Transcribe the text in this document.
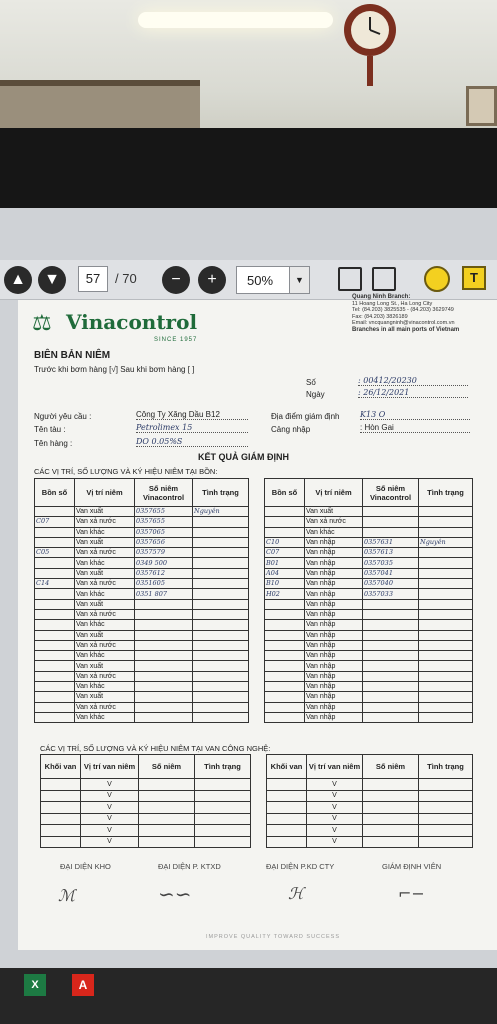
▲	▼	57	/ 70	−	+	50%	▼	T
⚖ Vinacontrol
SINCE 1957
Quang Ninh Branch:
11 Hoang Long St., Ha Long City
Tel: (84.203) 3825535 - (84.203) 3629749
Fax: (84.203) 3826189
Email: vncquangninh@vinacontrol.com.vn
Branches in all main ports of Vietnam
BIÊN BẢN NIÊM
Trước khi bơm hàng [√] Sau khi bơm hàng [ ]
Số	: 00412/20230
Ngày	: 26/12/2021
Người yêu cầu :	Công Ty Xăng Dầu B12	Địa điểm giám định	K13 O
Tên tàu :	Petrolimex 15	Cảng nhập	: Hòn Gai
Tên hàng :	DO 0.05%S
KẾT QUẢ GIÁM ĐỊNH
CÁC VỊ TRÍ, SỐ LƯỢNG VÀ KÝ HIỆU NIÊM TẠI BỒN:
Bồn số	Vị trí niêm	Số niêm Vinacontrol	Tình trạng
	Van xuất	0357655	Nguyên
C07	Van xả nước	0357655	
	Van khác	0357065	
	Van xuất	0357656	
C05	Van xả nước	0357579	
	Van khác	0349 500	
	Van xuất	0357612	
C14	Van xả nước	0351605	
	Van khác	0351 807	
	Van xuất		
	Van xả nước		
	Van khác		
	Van xuất		
	Van xả nước		
	Van khác		
	Van xuất		
	Van xả nước		
	Van khác		
	Van xuất		
	Van xả nước		
	Van khác		
Bồn số	Vị trí niêm	Số niêm Vinacontrol	Tình trạng
	Van xuất		
	Van xả nước		
	Van khác		
C10	Van nhập	0357631	Nguyên
C07	Van nhập	0357613	
B01	Van nhập	0357035	
A04	Van nhập	0357041	
B10	Van nhập	0357040	
H02	Van nhập	0357033	
	Van nhập		
	Van nhập		
	Van nhập		
	Van nhập		
	Van nhập		
	Van nhập		
	Van nhập		
	Van nhập		
	Van nhập		
	Van nhập		
	Van nhập		
	Van nhập		
CÁC VỊ TRÍ, SỐ LƯỢNG VÀ KÝ HIỆU NIÊM TẠI VAN CÔNG NGHỆ:
Khối van	Vị trí van niêm	Số niêm	Tình trạng
	V		
	V		
	V		
	V		
	V		
	V		
Khối van	Vị trí van niêm	Số niêm	Tình trạng
	V		
	V		
	V		
	V		
	V		
	V		
ĐẠI DIỆN KHO	ĐẠI DIỆN P. KTXD	ĐẠI DIỆN P.KD CTY	GIÁM ĐỊNH VIÊN
ℳ	∽∽	ℋ	⌐−
IMPROVE QUALITY TOWARD SUCCESS
X	A
